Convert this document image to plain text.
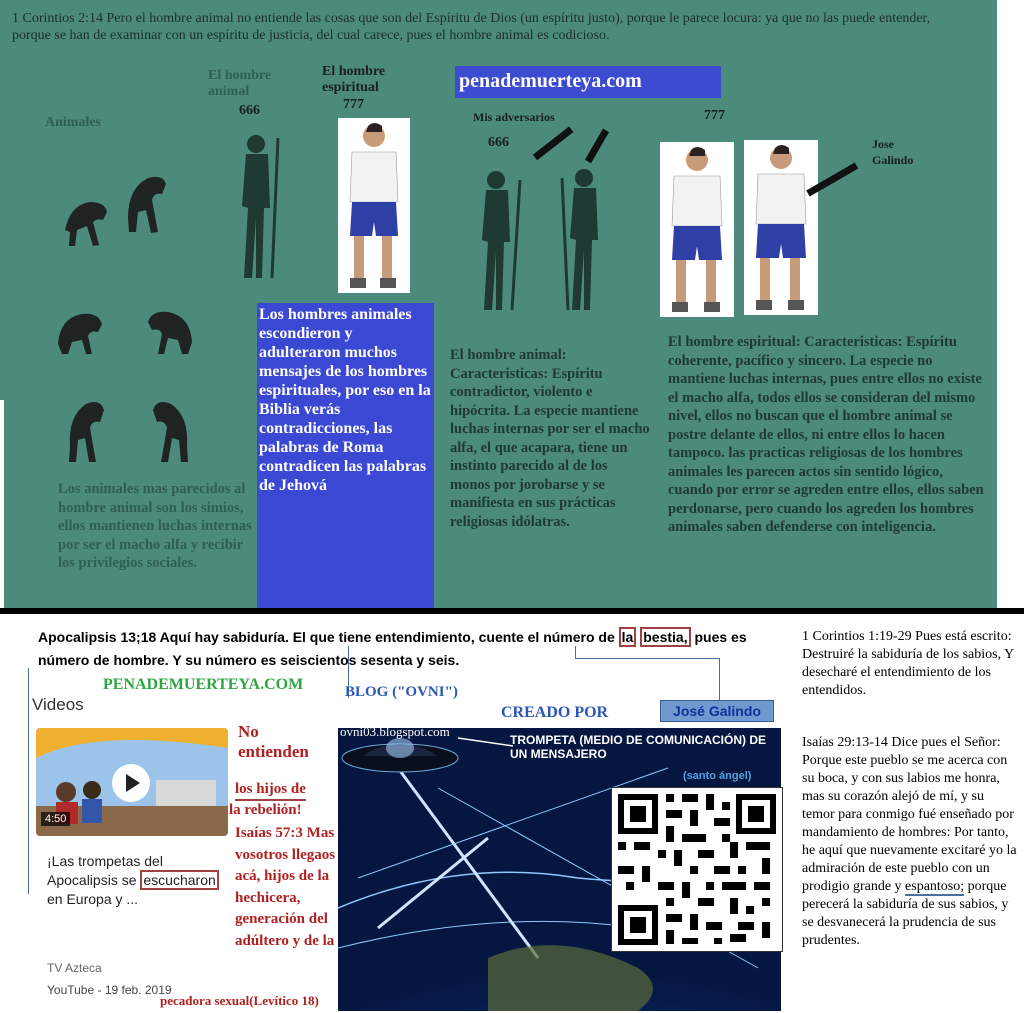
1 Corintios 2:14 Pero el hombre animal no entiende las cosas que son del Espíritu de Dios (un espíritu justo), porque le parece locura: ya que no las puede entender, porque se han de examinar con un espíritu de justicia, del cual carece, pues el hombre animal es codicioso.
Animales
El hombre animal
666
El hombre espiritual
777
penademuerteya.com
Mis adversarios
666
777
Jose Galindo
Los hombres animales escondieron y adulteraron muchos mensajes de los hombres espirituales, por eso en la Biblia verás contradicciones, las palabras de Roma contradicen las palabras de Jehová
Los animales mas parecidos al hombre animal son los simios, ellos mantienen luchas internas por ser el macho alfa y recibir los privilegios sociales.
El hombre animal: Caracteristicas: Espíritu contradictor, violento e hipócrita. La especie mantiene luchas internas por ser el macho alfa, el que acapara, tiene un instinto parecido al de los monos por jorobarse y se manifiesta en sus prácticas religiosas idólatras.
El hombre espiritual: Caracteristicas: Espíritu coherente, pacífico y sincero. La especie no mantiene luchas internas, pues entre ellos no existe el macho alfa, todos ellos se consideran del mismo nivel, ellos no buscan que el hombre animal se postre delante de ellos, ni entre ellos lo hacen tampoco. las practicas religiosas de los hombres animales les parecen actos sin sentido lógico, cuando por error se agreden entre ellos, ellos saben perdonarse, pero cuando los agreden los hombres animales saben defenderse con inteligencia.
Apocalipsis 13;18 Aquí hay sabiduría. El que tiene entendimiento, cuente el número de la bestia, pues es número de hombre. Y su número es seiscientos sesenta y seis.
PENADEMUERTEYA.COM	BLOG ("OVNI")
CREADO POR	José Galindo
Videos
4:50
¡Las trompetas del Apocalipsis se escucharon en Europa y ...
TV Azteca
YouTube - 19 feb. 2019
No entienden
los hijos de

la rebelión!
Isaías 57:3 Mas vosotros llegaos acá, hijos de la hechicera, generación del adúltero y de la
pecadora sexual(Levítico 18)
ovni03.blogspot.com
TROMPETA (MEDIO DE COMUNICACIÓN) DE UN MENSAJERO
(santo ángel)
1 Corintios 1:19-29 Pues está escrito: Destruiré la sabiduría de los sabios, Y desecharé el entendimiento de los entendidos.
Isaías 29:13-14 Dice pues el Señor: Porque este pueblo se me acerca con su boca, y con sus labios me honra, mas su corazón alejó de mí, y su temor para conmigo fué enseñado por mandamiento de hombres: Por tanto, he aquí que nuevamente excitaré yo la admiración de este pueblo con un prodigio grande y espantoso; porque perecerá la sabiduría de sus sabios, y se desvanecerá la prudencia de sus prudentes.
